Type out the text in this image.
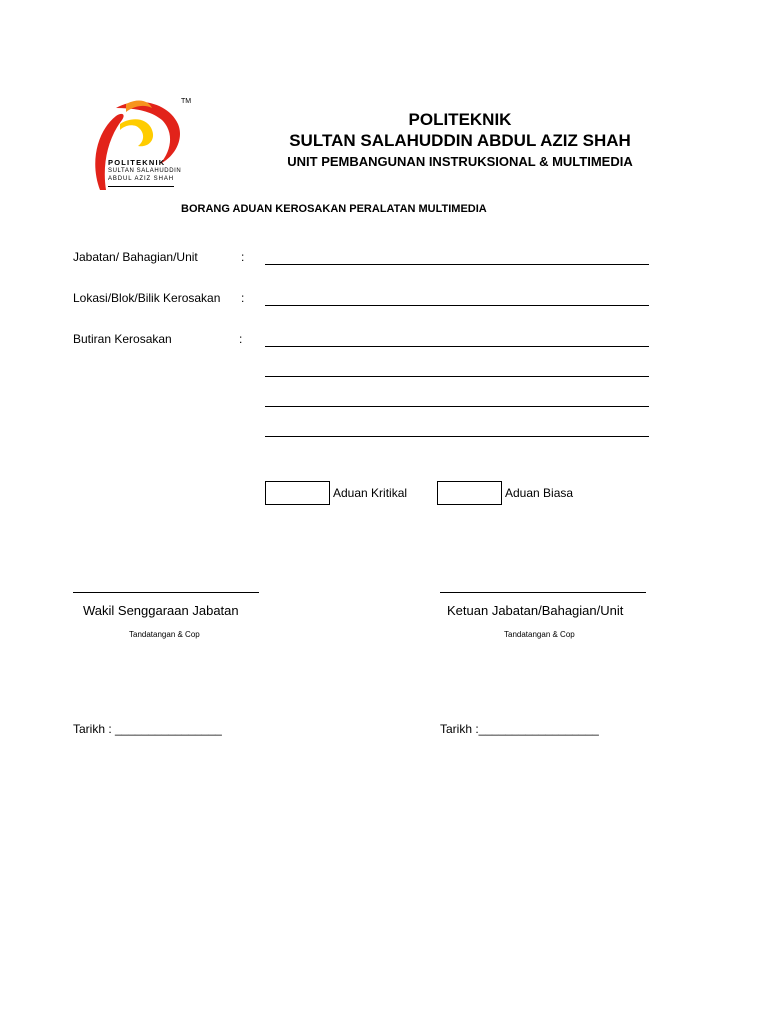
TM
POLITEKNIK
SULTAN SALAHUDDIN
ABDUL AZIZ SHAH
POLITEKNIK
SULTAN SALAHUDDIN ABDUL AZIZ SHAH
UNIT PEMBANGUNAN INSTRUKSIONAL & MULTIMEDIA
BORANG ADUAN KEROSAKAN PERALATAN MULTIMEDIA
Jabatan/ Bahagian/Unit	:
Lokasi/Blok/Bilik Kerosakan :
Butiran Kerosakan	:
Aduan Kritikal	Aduan Biasa
Wakil Senggaraan Jabatan
Tandatangan & Cop
Ketuan Jabatan/Bahagian/Unit
Tandatangan & Cop
Tarikh : ________________	Tarikh :__________________
